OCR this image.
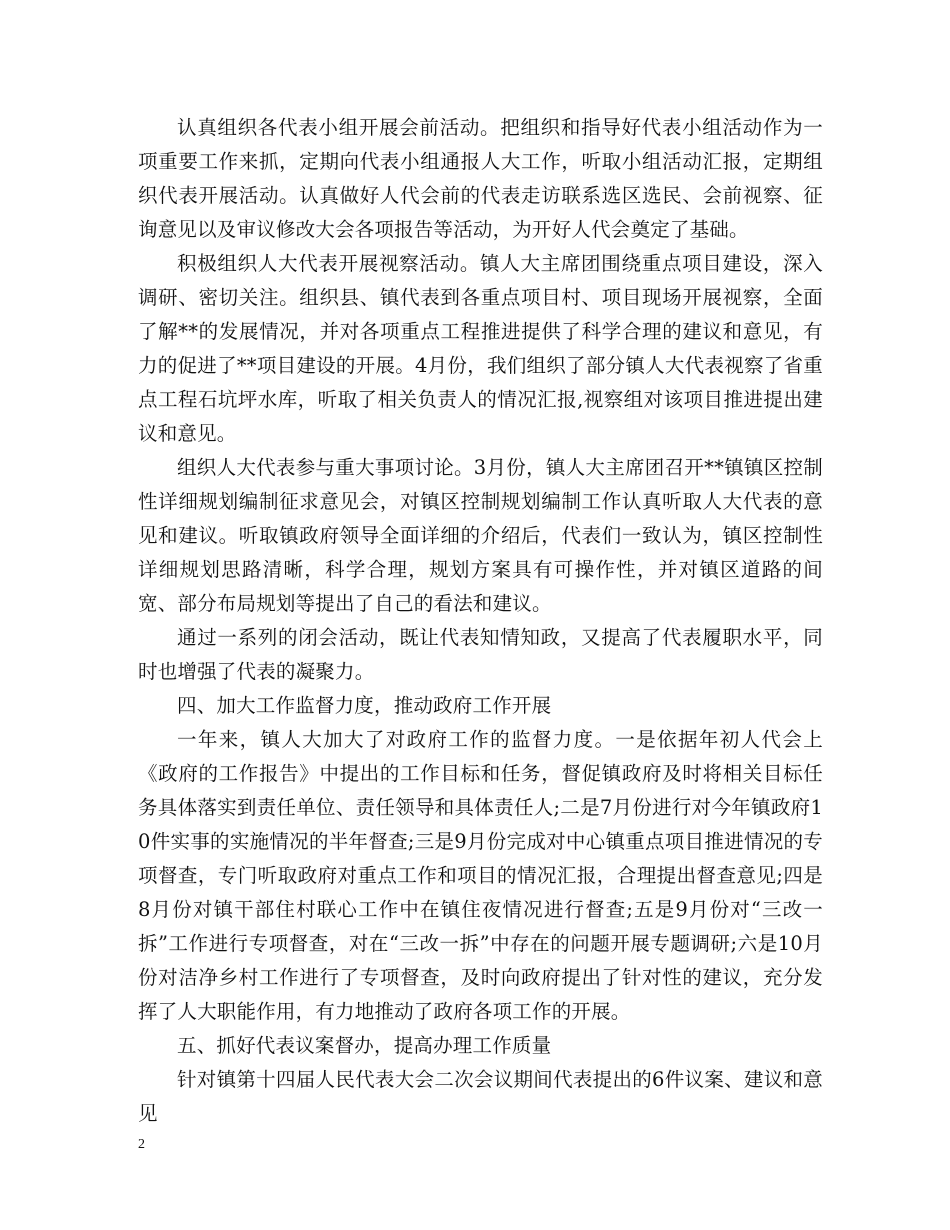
认真组织各代表小组开展会前活动。把组织和指导好代表小组活动作为一项重要工作来抓，定期向代表小组通报人大工作，听取小组活动汇报，定期组织代表开展活动。认真做好人代会前的代表走访联系选区选民、会前视察、征询意见以及审议修改大会各项报告等活动，为开好人代会奠定了基础。

积极组织人大代表开展视察活动。镇人大主席团围绕重点项目建设，深入调研、密切关注。组织县、镇代表到各重点项目村、项目现场开展视察，全面了解**的发展情况，并对各项重点工程推进提供了科学合理的建议和意见，有力的促进了**项目建设的开展。4月份，我们组织了部分镇人大代表视察了省重点工程石坑坪水库，听取了相关负责人的情况汇报,视察组对该项目推进提出建议和意见。

组织人大代表参与重大事项讨论。3月份，镇人大主席团召开**镇镇区控制性详细规划编制征求意见会，对镇区控制规划编制工作认真听取人大代表的意见和建议。听取镇政府领导全面详细的介绍后，代表们一致认为，镇区控制性详细规划思路清晰，科学合理，规划方案具有可操作性，并对镇区道路的间宽、部分布局规划等提出了自己的看法和建议。

通过一系列的闭会活动，既让代表知情知政，又提高了代表履职水平，同时也增强了代表的凝聚力。

四、加大工作监督力度，推动政府工作开展

一年来，镇人大加大了对政府工作的监督力度。一是依据年初人代会上《政府的工作报告》中提出的工作目标和任务，督促镇政府及时将相关目标任务具体落实到责任单位、责任领导和具体责任人;二是7月份进行对今年镇政府10件实事的实施情况的半年督查;三是9月份完成对中心镇重点项目推进情况的专项督查，专门听取政府对重点工作和项目的情况汇报，合理提出督查意见;四是8月份对镇干部住村联心工作中在镇住夜情况进行督查;五是9月份对“三改一拆”工作进行专项督查，对在“三改一拆”中存在的问题开展专题调研;六是10月份对洁净乡村工作进行了专项督查，及时向政府提出了针对性的建议，充分发挥了人大职能作用，有力地推动了政府各项工作的开展。

五、抓好代表议案督办，提高办理工作质量

针对镇第十四届人民代表大会二次会议期间代表提出的6件议案、建议和意见

2
